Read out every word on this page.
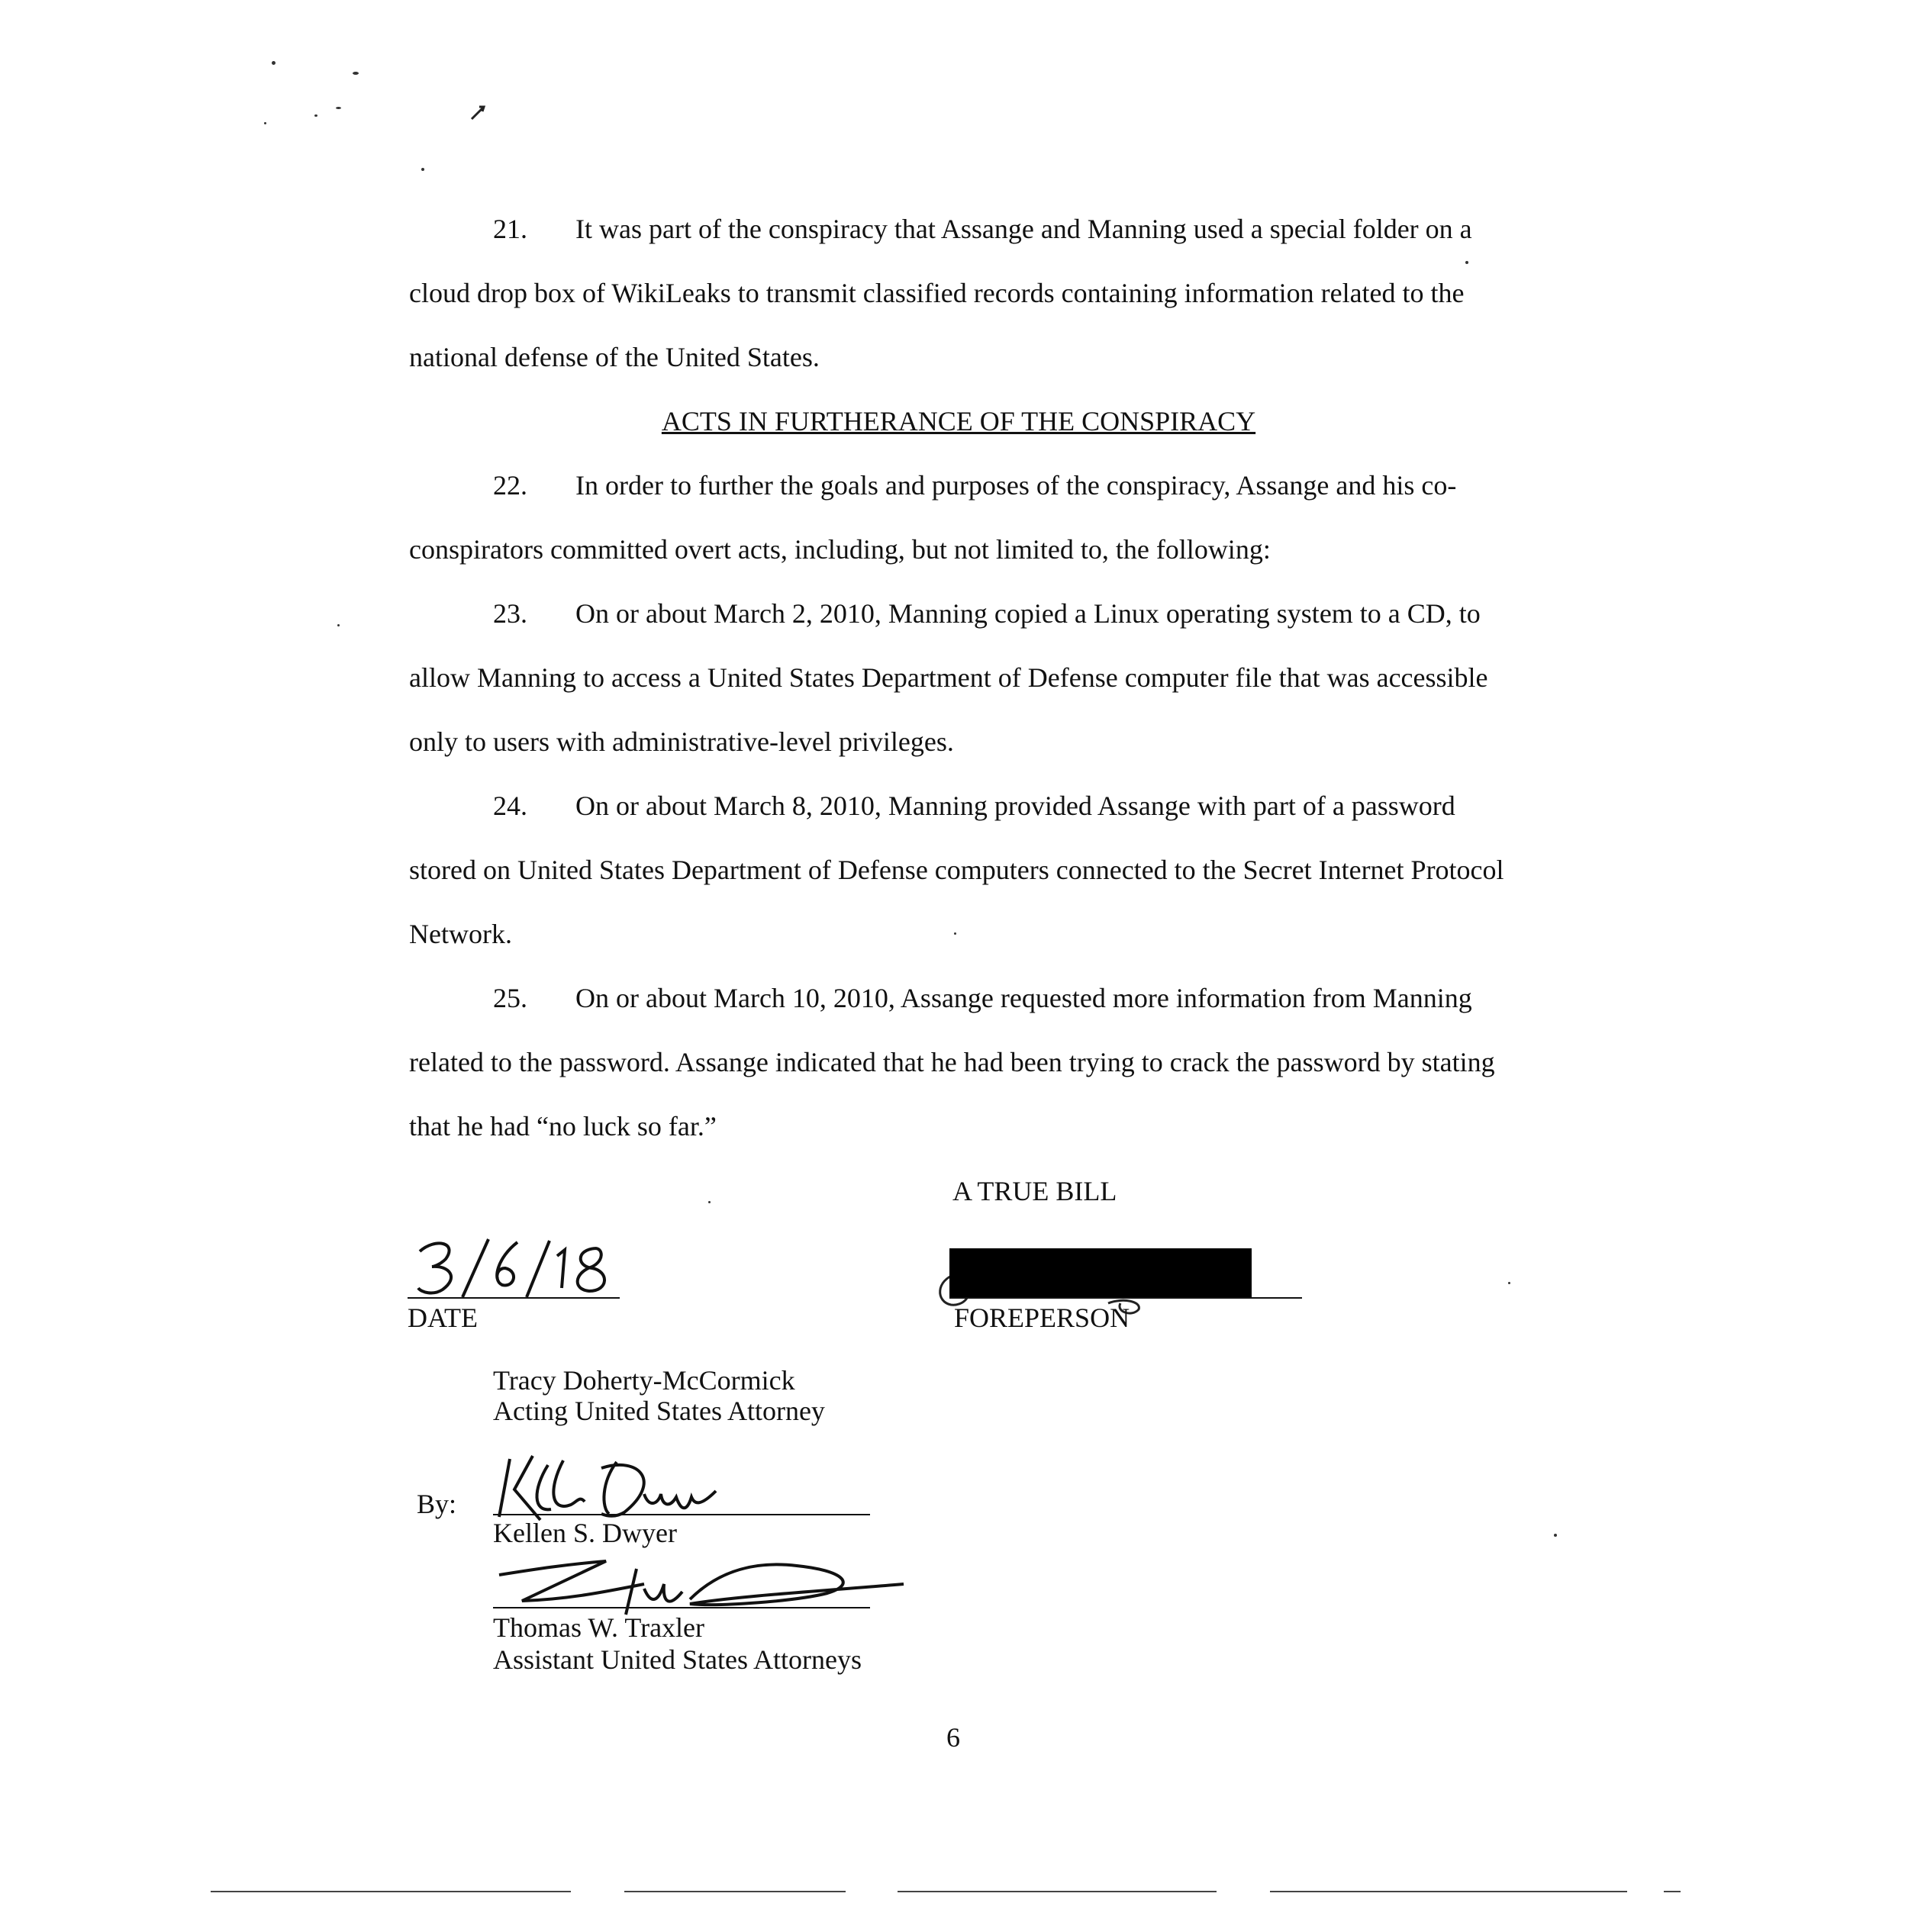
21. It was part of the conspiracy that Assange and Manning used a special folder on a cloud drop box of WikiLeaks to transmit classified records containing information related to the national defense of the United States.

ACTS IN FURTHERANCE OF THE CONSPIRACY

22. In order to further the goals and purposes of the conspiracy, Assange and his co-conspirators committed overt acts, including, but not limited to, the following:

23. On or about March 2, 2010, Manning copied a Linux operating system to a CD, to allow Manning to access a United States Department of Defense computer file that was accessible only to users with administrative-level privileges.

24. On or about March 8, 2010, Manning provided Assange with part of a password stored on United States Department of Defense computers connected to the Secret Internet Protocol Network.

25. On or about March 10, 2010, Assange requested more information from Manning related to the password. Assange indicated that he had been trying to crack the password by stating that he had “no luck so far.”

A TRUE BILL
DATE	FOREPERSON
Tracy Doherty-McCormick
Acting United States Attorney
By:
Kellen S. Dwyer
Thomas W. Traxler
Assistant United States Attorneys
6
